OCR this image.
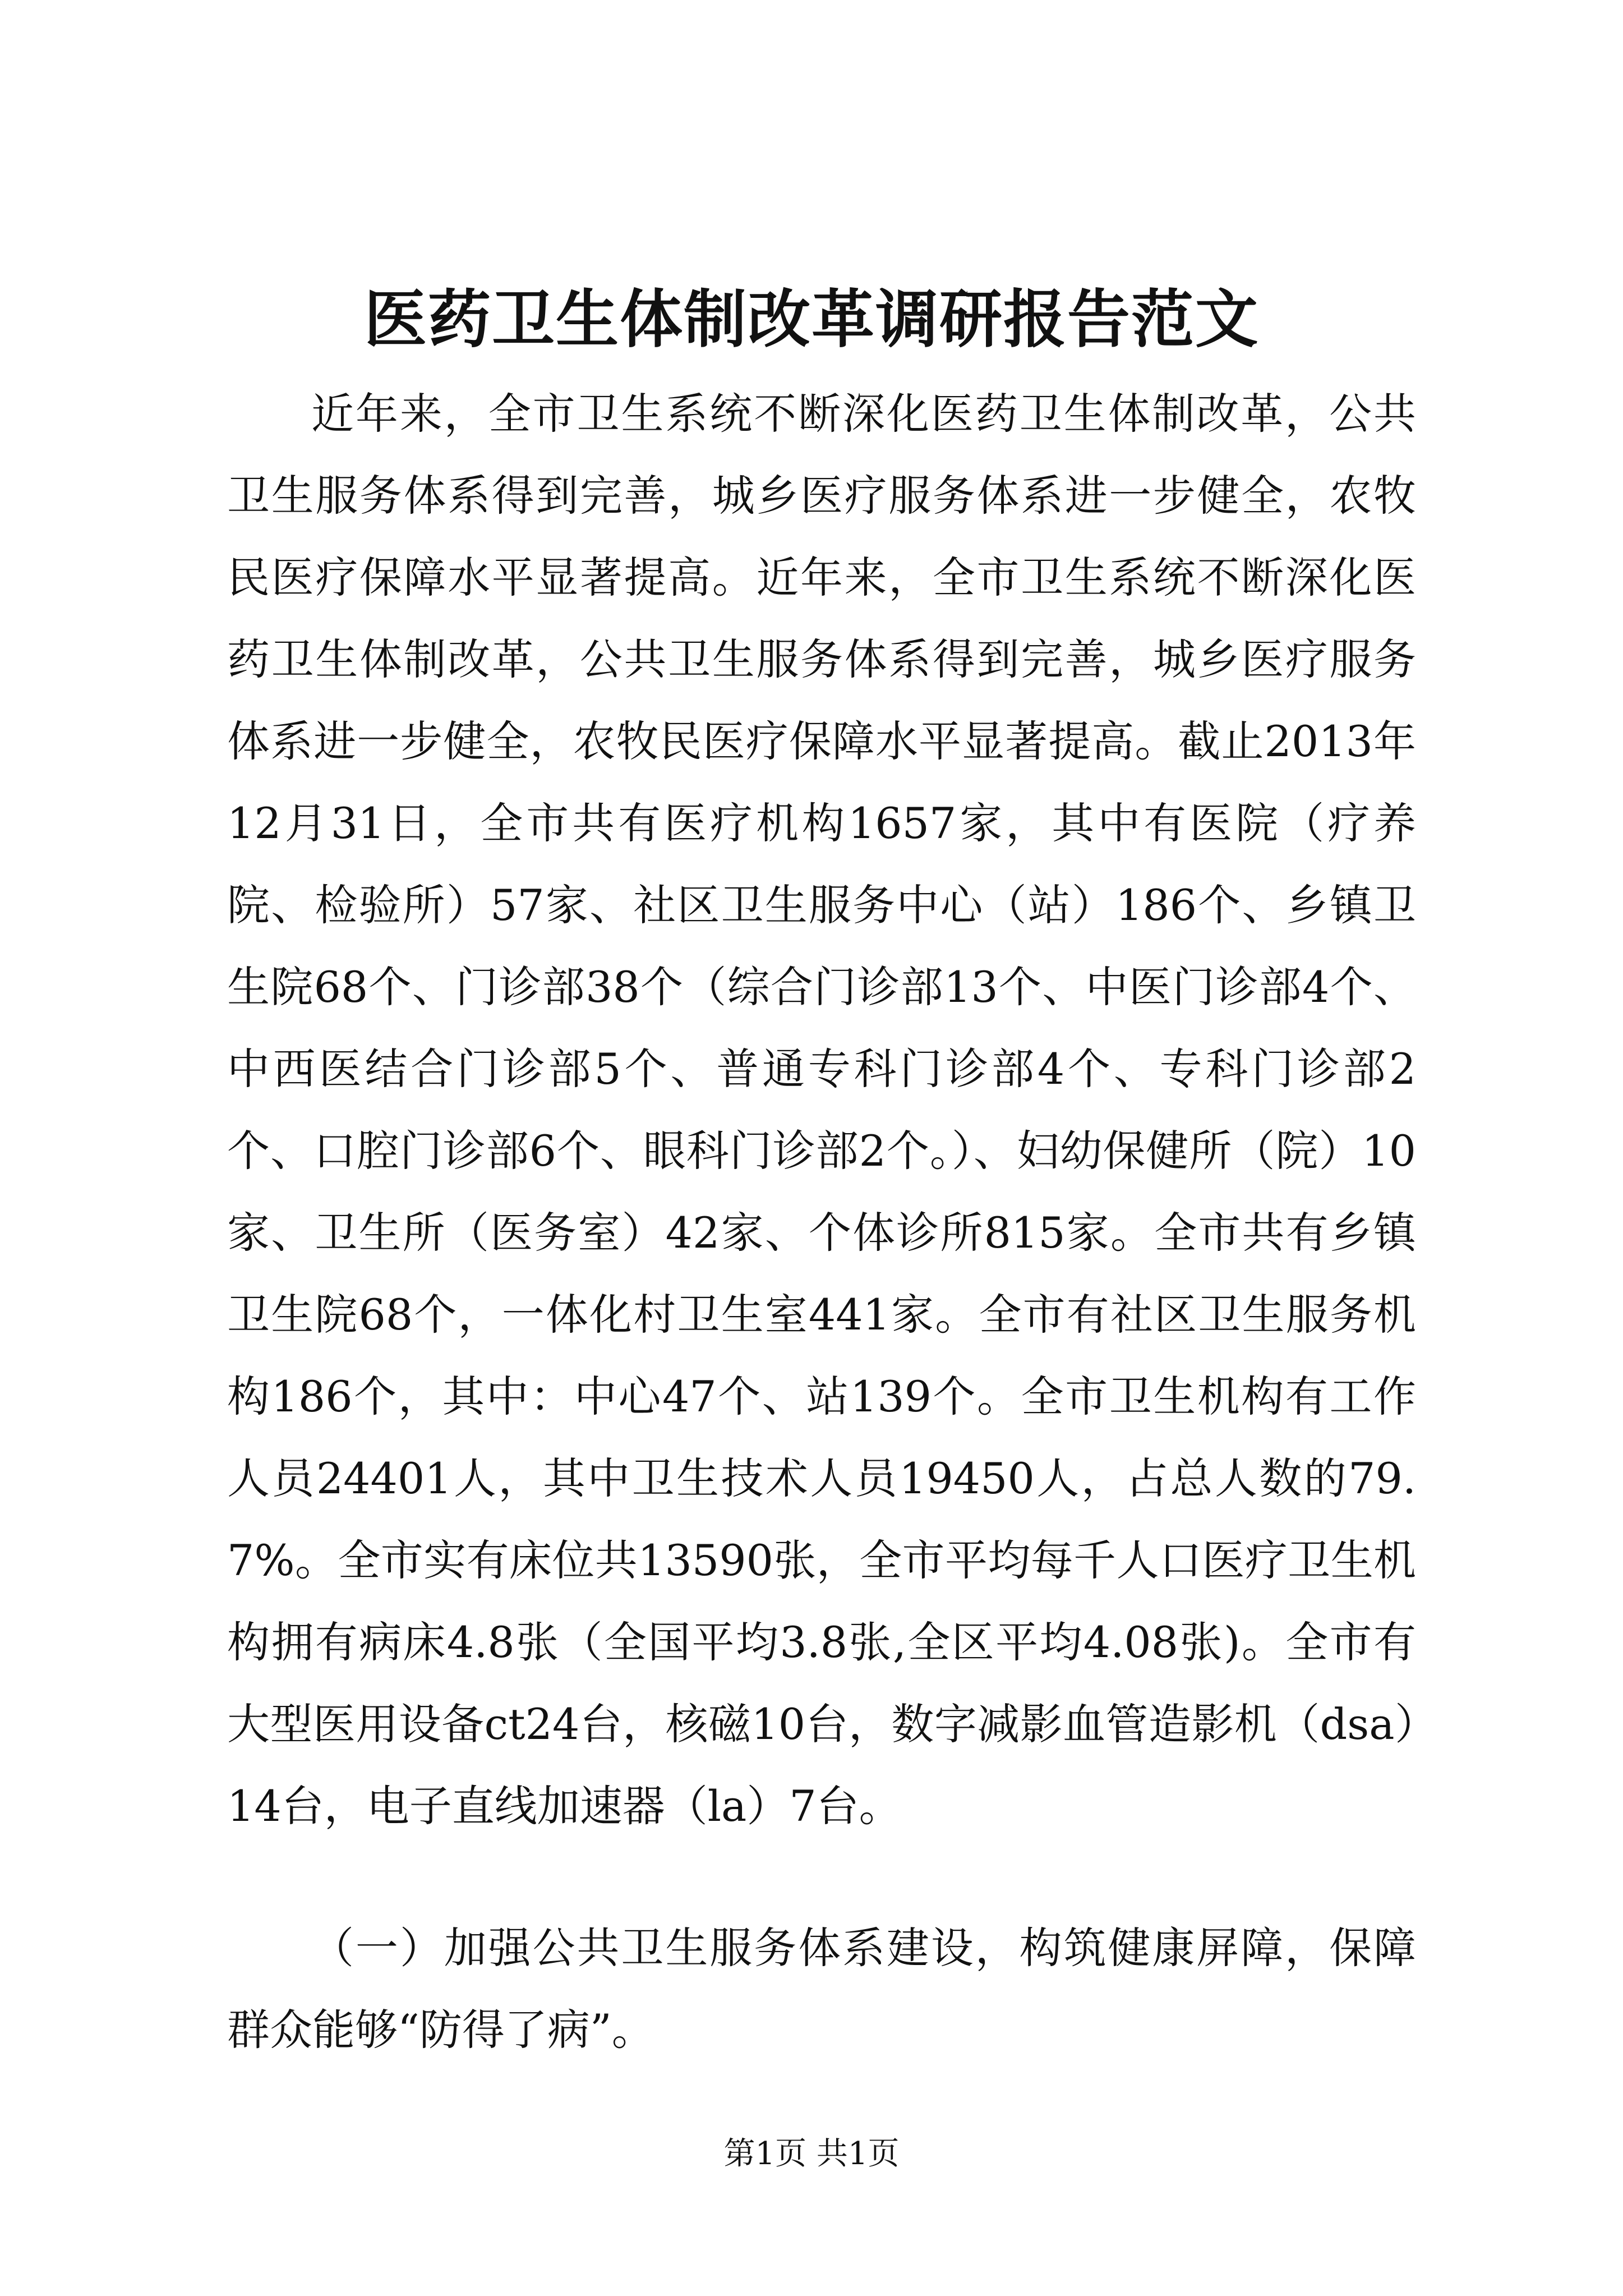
医药卫生体制改革调研报告范文

近年来，全市卫生系统不断深化医药卫生体制改革，公共卫生服务体系得到完善，城乡医疗服务体系进一步健全，农牧民医疗保障水平显著提高。近年来，全市卫生系统不断深化医药卫生体制改革，公共卫生服务体系得到完善，城乡医疗服务体系进一步健全，农牧民医疗保障水平显著提高。截止2013年12月31日，全市共有医疗机构1657家，其中有医院（疗养院、检验所）57家、社区卫生服务中心（站）186个、乡镇卫生院68个、门诊部38个（综合门诊部13个、中医门诊部4个、中西医结合门诊部5个、普通专科门诊部4个、专科门诊部2个、口腔门诊部6个、眼科门诊部2个。）、妇幼保健所（院）10家、卫生所（医务室）42家、个体诊所815家。全市共有乡镇卫生院68个，一体化村卫生室441家。全市有社区卫生服务机构186个，其中：中心47个、站139个。全市卫生机构有工作人员24401人，其中卫生技术人员19450人，占总人数的79.7%。全市实有床位共13590张，全市平均每千人口医疗卫生机构拥有病床4.8张（全国平均3.8张,全区平均4.08张)。全市有大型医用设备ct24台，核磁10台，数字减影血管造影机（dsa）14台，电子直线加速器（la）7台。

（一）加强公共卫生服务体系建设，构筑健康屏障，保障群众能够“防得了病”。

第1页 共1页
